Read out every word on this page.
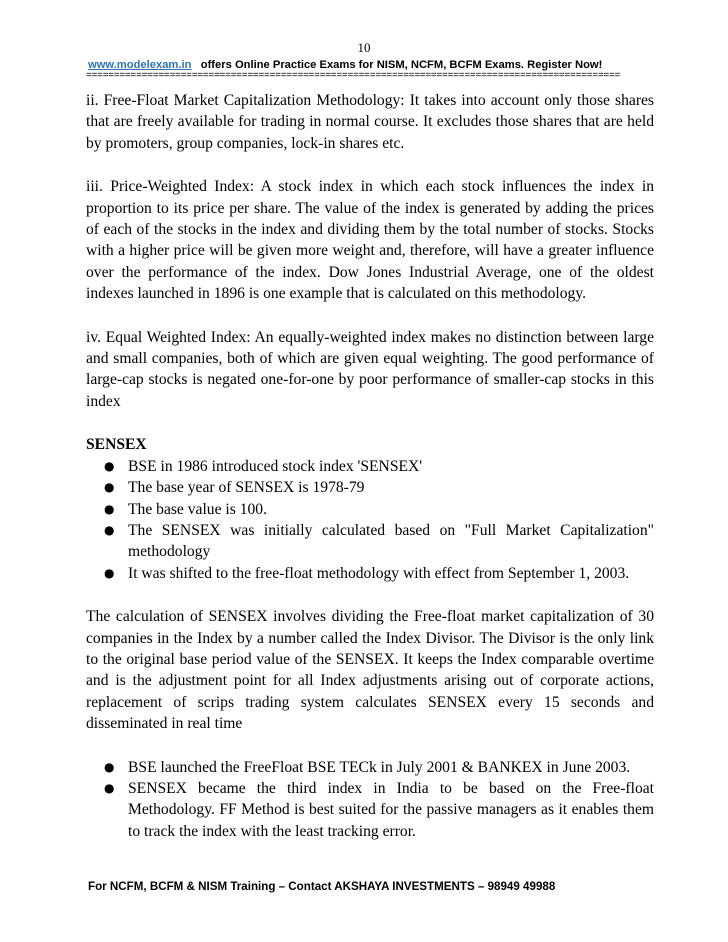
10
www.modelexam.in offers Online Practice Exams for NISM, NCFM, BCFM Exams. Register Now!
================================================================================================

ii. Free-Float Market Capitalization Methodology: It takes into account only those shares that are freely available for trading in normal course. It excludes those shares that are held by promoters, group companies, lock-in shares etc.

iii. Price-Weighted Index: A stock index in which each stock influences the index in proportion to its price per share. The value of the index is generated by adding the prices of each of the stocks in the index and dividing them by the total number of stocks. Stocks with a higher price will be given more weight and, therefore, will have a greater influence over the performance of the index. Dow Jones Industrial Average, one of the oldest indexes launched in 1896 is one example that is calculated on this methodology.

iv. Equal Weighted Index: An equally-weighted index makes no distinction between large and small companies, both of which are given equal weighting. The good performance of large-cap stocks is negated one-for-one by poor performance of smaller-cap stocks in this index

SENSEX
● BSE in 1986 introduced stock index 'SENSEX'
● The base year of SENSEX is 1978-79
● The base value is 100.
● The SENSEX was initially calculated based on "Full Market Capitalization" methodology
● It was shifted to the free-float methodology with effect from September 1, 2003.

The calculation of SENSEX involves dividing the Free-float market capitalization of 30 companies in the Index by a number called the Index Divisor. The Divisor is the only link to the original base period value of the SENSEX. It keeps the Index comparable overtime and is the adjustment point for all Index adjustments arising out of corporate actions, replacement of scrips trading system calculates SENSEX every 15 seconds and disseminated in real time

● BSE launched the FreeFloat BSE TECk in July 2001 & BANKEX in June 2003.
● SENSEX became the third index in India to be based on the Free-float Methodology. FF Method is best suited for the passive managers as it enables them to track the index with the least tracking error.
For NCFM, BCFM & NISM Training – Contact AKSHAYA INVESTMENTS – 98949 49988
